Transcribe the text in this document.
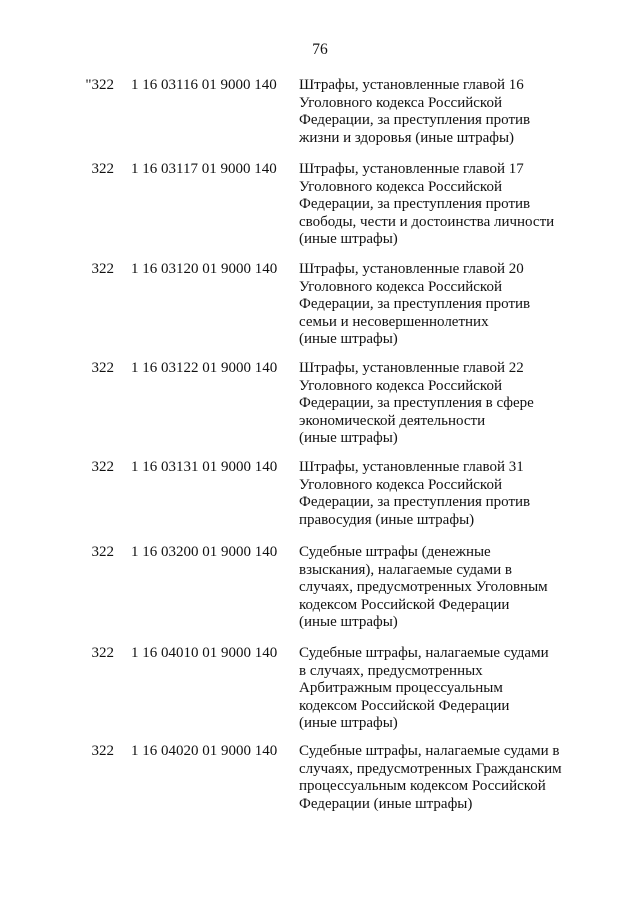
76
"322 1 16 03116 01 9000 140 Штрафы, установленные главой 16
Уголовного кодекса Российской
Федерации, за преступления против
жизни и здоровья (иные штрафы)
322 1 16 03117 01 9000 140 Штрафы, установленные главой 17
Уголовного кодекса Российской
Федерации, за преступления против
свободы, чести и достоинства личности
(иные штрафы)
322 1 16 03120 01 9000 140 Штрафы, установленные главой 20
Уголовного кодекса Российской
Федерации, за преступления против
семьи и несовершеннолетних
(иные штрафы)
322 1 16 03122 01 9000 140 Штрафы, установленные главой 22
Уголовного кодекса Российской
Федерации, за преступления в сфере
экономической деятельности
(иные штрафы)
322 1 16 03131 01 9000 140 Штрафы, установленные главой 31
Уголовного кодекса Российской
Федерации, за преступления против
правосудия (иные штрафы)
322 1 16 03200 01 9000 140 Судебные штрафы (денежные
взыскания), налагаемые судами в
случаях, предусмотренных Уголовным
кодексом Российской Федерации
(иные штрафы)
322 1 16 04010 01 9000 140 Судебные штрафы, налагаемые судами
в случаях, предусмотренных
Арбитражным процессуальным
кодексом Российской Федерации
(иные штрафы)
322 1 16 04020 01 9000 140 Судебные штрафы, налагаемые судами в
случаях, предусмотренных Гражданским
процессуальным кодексом Российской
Федерации (иные штрафы)
